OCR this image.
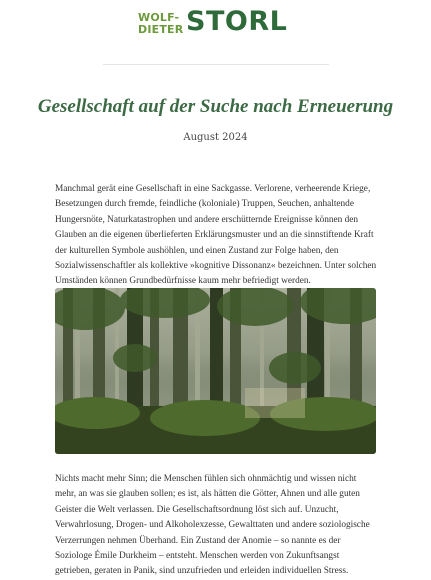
WOLF-
DIETER STORL
Gesellschaft auf der Suche nach Erneuerung
August 2024

Manchmal gerät eine Gesellschaft in eine Sackgasse. Verlorene, verheerende Kriege, Besetzungen durch fremde, feindliche (koloniale) Truppen, Seuchen, anhaltende Hungersnöte, Naturkatastrophen und andere erschütternde Ereignisse können den Glauben an die eigenen überlieferten Erklärungsmuster und an die sinnstiftende Kraft der kulturellen Symbole aushöhlen, und einen Zustand zur Folge haben, den Sozialwissenschaftler als kollektive »kognitive Dissonanz« bezeichnen. Unter solchen Umständen können Grundbedürfnisse kaum mehr befriedigt werden.

Nichts macht mehr Sinn; die Menschen fühlen sich ohnmächtig und wissen nicht mehr, an was sie glauben sollen; es ist, als hätten die Götter, Ahnen und alle guten Geister die Welt verlassen. Die Gesellschaftsordnung löst sich auf. Unzucht, Verwahrlosung, Drogen- und Alkoholexzesse, Gewalttaten und andere soziologische Verzerrungen nehmen Überhand. Ein Zustand der Anomie – so nannte es der Soziologe Émile Durkheim – entsteht. Menschen werden von Zukunftsangst getrieben, geraten in Panik, sind unzufrieden und erleiden individuellen Stress.
